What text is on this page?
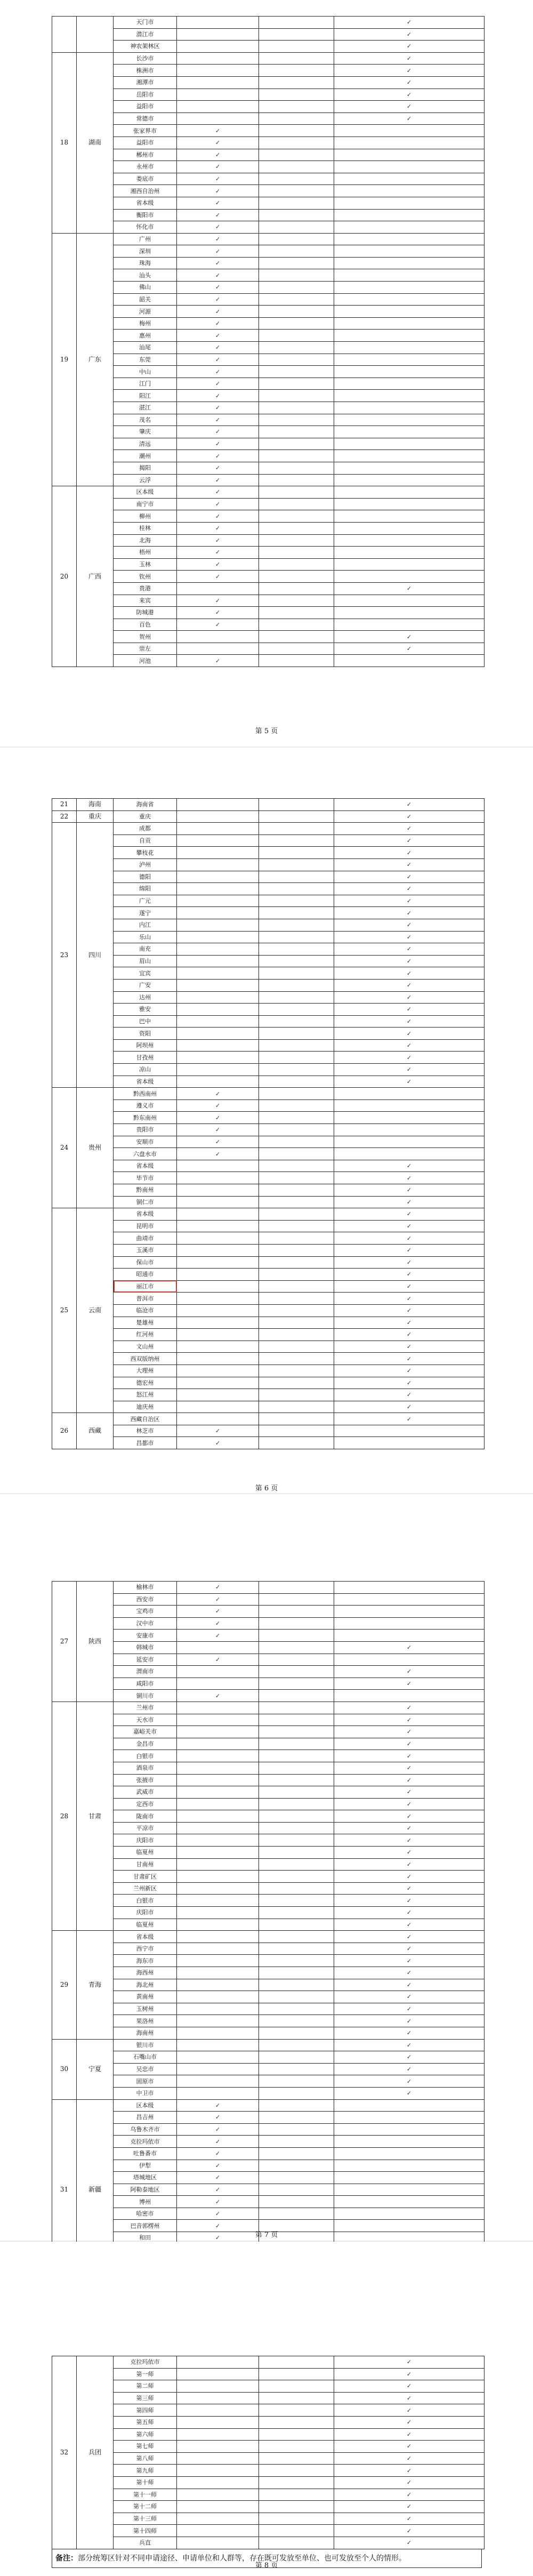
		天门市			✓
		潜江市			✓
		神农架林区			✓
18	湖南	长沙市			✓
		株洲市			✓
		湘潭市			✓
		岳阳市			✓
		益阳市			✓
		常德市			✓
		张家界市	✓		
		益阳市	✓		
		郴州市	✓		
		永州市	✓		
		娄底市	✓		
		湘西自治州	✓		
		省本级	✓		
		衡阳市	✓		
		怀化市	✓		
19	广东	广州	✓		
		深圳	✓		
		珠海	✓		
		汕头	✓		
		佛山	✓		
		韶关	✓		
		河源	✓		
		梅州	✓		
		惠州	✓		
		汕尾	✓		
		东莞	✓		
		中山	✓		
		江门	✓		
		阳江	✓		
		湛江	✓		
		茂名	✓		
		肇庆	✓		
		清远	✓		
		潮州	✓		
		揭阳	✓		
		云浮	✓		
20	广西	区本级	✓		
		南宁市	✓		
		柳州	✓		
		桂林	✓		
		北海	✓		
		梧州	✓		
		玉林	✓		
		钦州	✓		
		贵港			✓
		来宾	✓		
		防城港	✓		
		百色	✓		
		贺州			✓
		崇左			✓
		河池	✓		
第 5 页
21	海南	海南省			✓
22	重庆	重庆			✓
23	四川	成都			✓
		自贡			✓
		攀枝花			✓
		泸州			✓
		德阳			✓
		绵阳			✓
		广元			✓
		遂宁			✓
		内江			✓
		乐山			✓
		南充			✓
		眉山			✓
		宜宾			✓
		广安			✓
		达州			✓
		雅安			✓
		巴中			✓
		资阳			✓
		阿坝州			✓
		甘孜州			✓
		凉山			✓
		省本级			✓
24	贵州	黔西南州	✓		
		遵义市	✓		
		黔东南州	✓		
		贵阳市	✓		
		安顺市	✓		
		六盘水市	✓		
		省本级			✓
		毕节市			✓
		黔南州			✓
		铜仁市			✓
25	云南	省本级			✓
		昆明市			✓
		曲靖市			✓
		玉溪市			✓
		保山市			✓
		昭通市			✓
		丽江市			✓
		普洱市			✓
		临沧市			✓
		楚雄州			✓
		红河州			✓
		文山州			✓
		西双版纳州			✓
		大理州			✓
		德宏州			✓
		怒江州			✓
		迪庆州			✓
26	西藏	西藏自治区			✓
		林芝市	✓		
		昌都市	✓		
第 6 页
27	陕西	榆林市	✓		
		西安市	✓		
		宝鸡市	✓		
		汉中市	✓		
		安康市	✓		
		韩城市			✓
		延安市	✓		
		渭南市			✓
		咸阳市			✓
		铜川市	✓		
28	甘肃	兰州市			✓
		天水市			✓
		嘉峪关市			✓
		金昌市			✓
		白银市			✓
		酒泉市			✓
		张掖市			✓
		武威市			✓
		定西市			✓
		陇南市			✓
		平凉市			✓
		庆阳市			✓
		临夏州			✓
		甘南州			✓
		甘肃矿区			✓
		兰州新区			✓
		白银市			✓
		庆阳市			✓
		临夏州			✓
29	青海	省本级			✓
		西宁市			✓
		海东市			✓
		海西州			✓
		海北州			✓
		黄南州			✓
		玉树州			✓
		果洛州			✓
		海南州			✓
30	宁夏	银川市			✓
		石嘴山市			✓
		吴忠市			✓
		固原市			✓
		中卫市			✓
31	新疆	区本级	✓		
		昌吉州	✓		
		乌鲁木齐市	✓		
		克拉玛依市	✓		
		吐鲁番市	✓		
		伊犁	✓		
		塔城地区	✓		
		阿勒泰地区	✓		
		博州	✓		
		哈密市	✓		
		巴音郭楞州	✓		
		和田	✓		

				第 7 页
32	兵团	克拉玛依市			✓
		第一师			✓
		第二师			✓
		第三师			✓
		第四师			✓
		第五师			✓
		第六师			✓
		第七师			✓
		第八师			✓
		第九师			✓
		第十师			✓
		第十一师			✓
		第十二师			✓
		第十三师			✓
		第十四师			✓
		兵直			✓
备注：部分统筹区针对不同申请途径、申请单位和人群等，存在既可发放至单位、也可发放至个人的情形。
第 8 页
